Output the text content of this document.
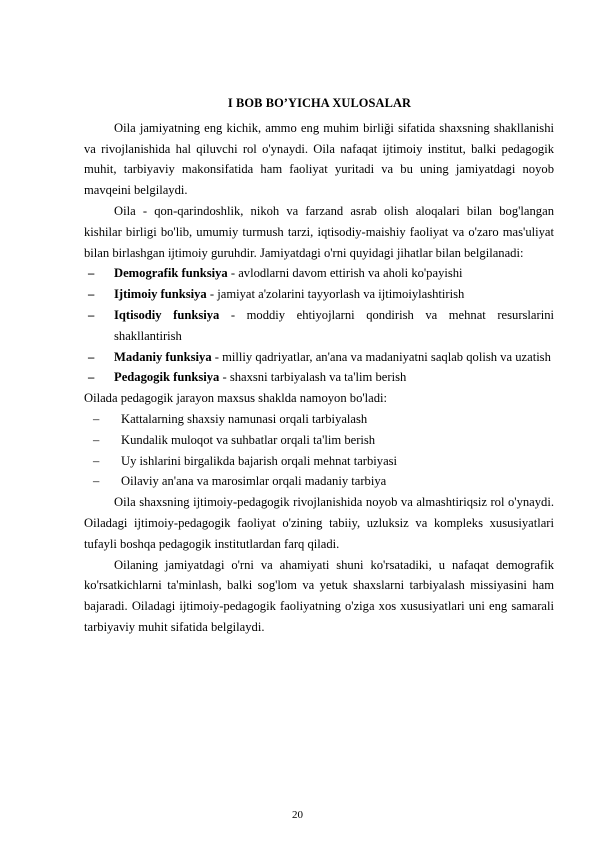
I BOB BO’YICHA XULOSALAR

Oila jamiyatning eng kichik, ammo eng muhim birliği sifatida shaxsning shakllanishi va rivojlanishida hal qiluvchi rol o'ynaydi. Oila nafaqat ijtimoiy institut, balki pedagogik muhit, tarbiyaviy makonsifatida ham faoliyat yuritadi va bu uning jamiyatdagi noyob mavqeini belgilaydi.

Oila - qon-qarindoshlik, nikoh va farzand asrab olish aloqalari bilan bog'langan kishilar birligi bo'lib, umumiy turmush tarzi, iqtisodiy-maishiy faoliyat va o'zaro mas'uliyat bilan birlashgan ijtimoiy guruhdir. Jamiyatdagi o'rni quyidagi jihatlar bilan belgilanadi:

– Demografik funksiya - avlodlarni davom ettirish va aholi ko'payishi
– Ijtimoiy funksiya - jamiyat a'zolarini tayyorlash va ijtimoiylashtirish
– Iqtisodiy funksiya - moddiy ehtiyojlarni qondirish va mehnat resurslarini shakllantirish
– Madaniy funksiya - milliy qadriyatlar, an'ana va madaniyatni saqlab qolish va uzatish
– Pedagogik funksiya - shaxsni tarbiyalash va ta'lim berish

Oilada pedagogik jarayon maxsus shaklda namoyon bo'ladi:

– Kattalarning shaxsiy namunasi orqali tarbiyalash
– Kundalik muloqot va suhbatlar orqali ta'lim berish
– Uy ishlarini birgalikda bajarish orqali mehnat tarbiyasi
– Oilaviy an'ana va marosimlar orqali madaniy tarbiya

Oila shaxsning ijtimoiy-pedagogik rivojlanishida noyob va almashtiriqsiz rol o'ynaydi. Oiladagi ijtimoiy-pedagogik faoliyat o'zining tabiiy, uzluksiz va kompleks xususiyatlari tufayli boshqa pedagogik institutlardan farq qiladi.

Oilaning jamiyatdagi o'rni va ahamiyati shuni ko'rsatadiki, u nafaqat demografik ko'rsatkichlarni ta'minlash, balki sog'lom va yetuk shaxslarni tarbiyalash missiyasini ham bajaradi. Oiladagi ijtimoiy-pedagogik faoliyatning o'ziga xos xususiyatlari uni eng samarali tarbiyaviy muhit sifatida belgilaydi.

20
